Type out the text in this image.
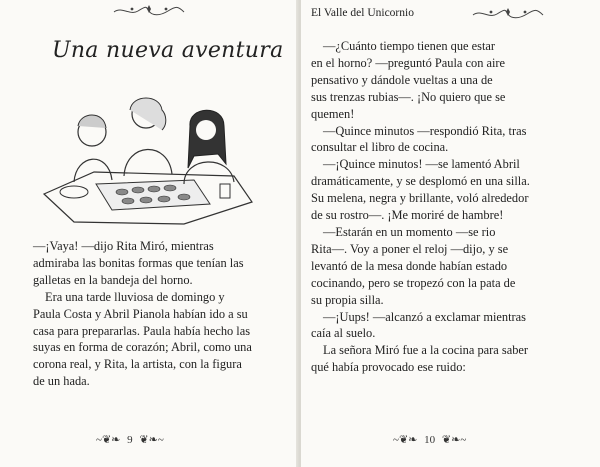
Una nueva aventura

—¡Vaya! —dijo Rita Miró, mientras

admiraba las bonitas formas que tenían las

galletas en la bandeja del horno.

Era una tarde lluviosa de domingo y

Paula Costa y Abril Pianola habían ido a su

casa para prepararlas. Paula había hecho las

suyas en forma de corazón; Abril, como una

corona real, y Rita, la artista, con la figura

de un hada.

~❦❧ 9 ❦❧~
El Valle del Unicornio

—¿Cuánto tiempo tienen que estar

en el horno? —preguntó Paula con aire

pensativo y dándole vueltas a una de

sus trenzas rubias—. ¡No quiero que se

quemen!

—Quince minutos —respondió Rita, tras

consultar el libro de cocina.

—¡Quince minutos! —se lamentó Abril

dramáticamente, y se desplomó en una silla.

Su melena, negra y brillante, voló alrededor

de su rostro—. ¡Me moriré de hambre!

—Estarán en un momento —se rio

Rita—. Voy a poner el reloj —dijo, y se

levantó de la mesa donde habían estado

cocinando, pero se tropezó con la pata de

su propia silla.

—¡Uups! —alcanzó a exclamar mientras

caía al suelo.

La señora Miró fue a la cocina para saber

qué había provocado ese ruido:

~❦❧ 10 ❦❧~
